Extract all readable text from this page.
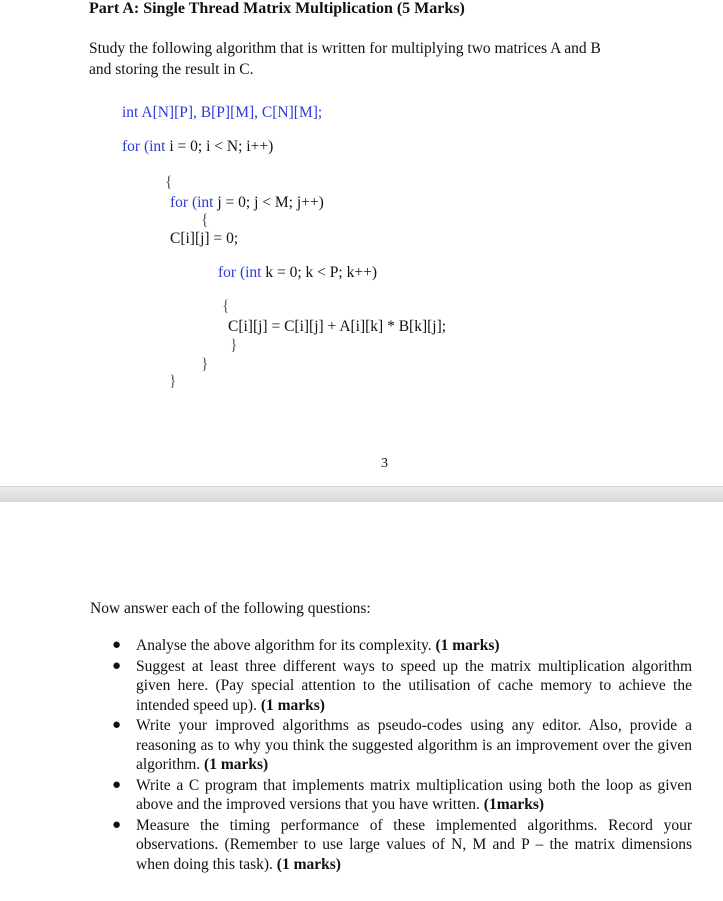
Part A: Single Thread Matrix Multiplication (5 Marks)
Study the following algorithm that is written for multiplying two matrices A and B
and storing the result in C.
int A[N][P], B[P][M], C[N][M];
for (int i = 0; i < N; i++)
{
for (int j = 0; j < M; j++)
{
C[i][j] = 0;
for (int k = 0; k < P; k++)
{
C[i][j] = C[i][j] + A[i][k] * B[k][j];
}
}
}
3
Now answer each of the following questions:
● Analyse the above algorithm for its complexity. (1 marks)
● Suggest at least three different ways to speed up the matrix multiplication algorithm given here. (Pay special attention to the utilisation of cache memory to achieve the intended speed up). (1 marks)
● Write your improved algorithms as pseudo-codes using any editor. Also, provide a reasoning as to why you think the suggested algorithm is an improvement over the given algorithm. (1 marks)
● Write a C program that implements matrix multiplication using both the loop as given above and the improved versions that you have written. (1marks)
● Measure the timing performance of these implemented algorithms. Record your observations. (Remember to use large values of N, M and P – the matrix dimensions when doing this task). (1 marks)
